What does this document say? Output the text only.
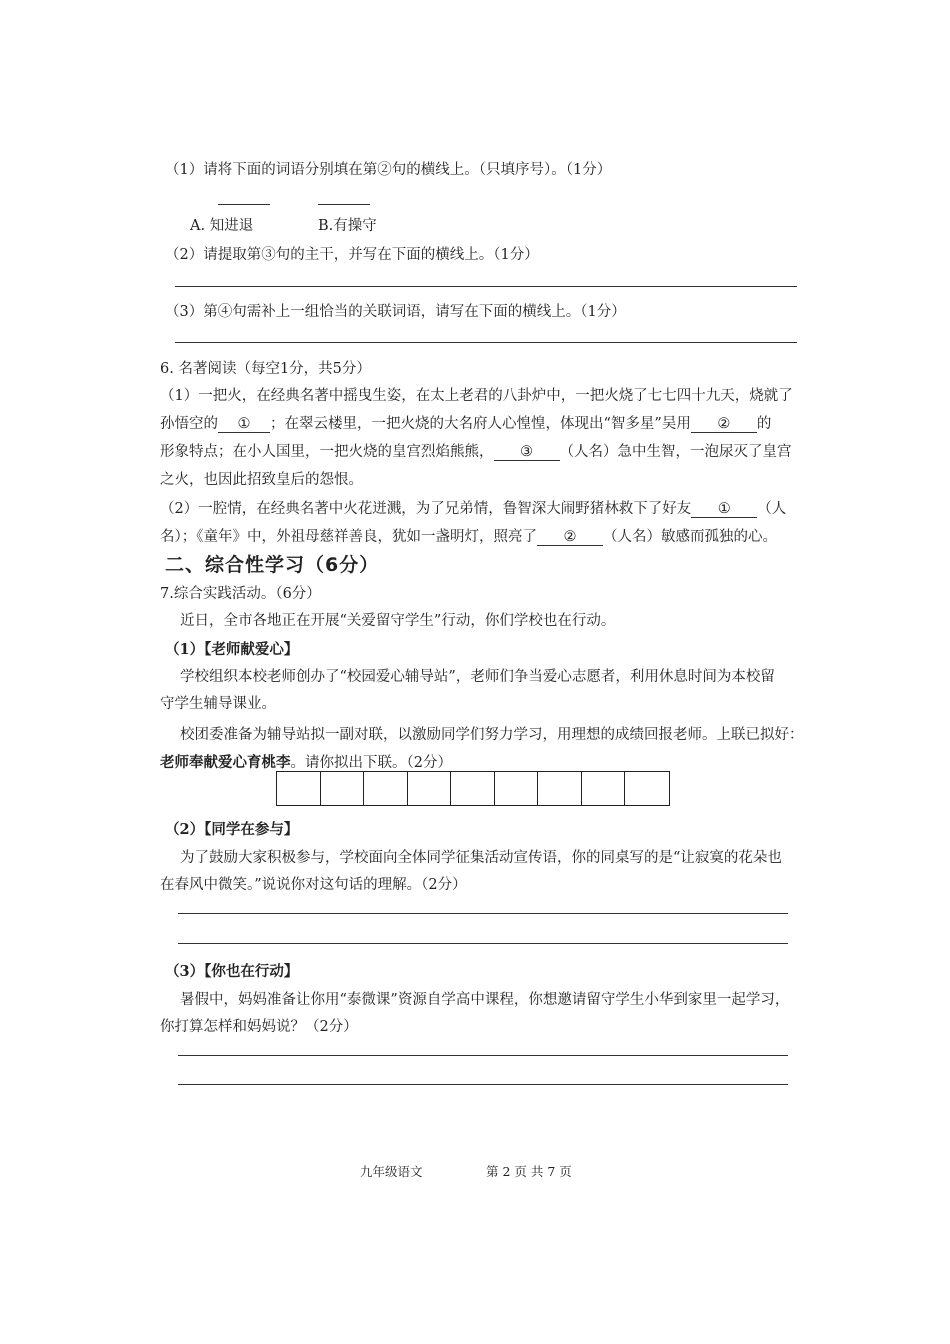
（1）请将下面的词语分别填在第②句的横线上。（只填序号）。（1分）
A. 知进退	B.有操守
（2）请提取第③句的主干，并写在下面的横线上。（1分）
（3）第④句需补上一组恰当的关联词语，请写在下面的横线上。（1分）
6. 名著阅读（每空1分，共5分）
（1）一把火，在经典名著中摇曳生姿，在太上老君的八卦炉中，一把火烧了七七四十九天，烧就了
孙悟空的 ① ；在翠云楼里，一把火烧的大名府人心惶惶，体现出“智多星”吴用 ② 的
形象特点；在小人国里，一把火烧的皇宫烈焰熊熊， ③ （人名）急中生智，一泡尿灭了皇宫
之火，也因此招致皇后的怨恨。
（2）一腔情，在经典名著中火花迸溅，为了兄弟情，鲁智深大闹野猪林救下了好友 ① （人
名）；《童年》中，外祖母慈祥善良，犹如一盏明灯，照亮了 ② （人名）敏感而孤独的心。
二、综合性学习（6分）
7.综合实践活动。（6分）
近日，全市各地正在开展“关爱留守学生”行动，你们学校也在行动。
（1）【老师献爱心】
学校组织本校老师创办了“校园爱心辅导站”，老师们争当爱心志愿者，利用休息时间为本校留
守学生辅导课业。
校团委准备为辅导站拟一副对联，以激励同学们努力学习，用理想的成绩回报老师。上联已拟好：
老师奉献爱心育桃李。请你拟出下联。（2分）
（2）【同学在参与】
为了鼓励大家积极参与，学校面向全体同学征集活动宣传语，你的同桌写的是“让寂寞的花朵也
在春风中微笑。”说说你对这句话的理解。（2分）
（3）【你也在行动】
暑假中，妈妈准备让你用“泰微课”资源自学高中课程，你想邀请留守学生小华到家里一起学习，
你打算怎样和妈妈说？（2分）
九年级语文	第 2 页 共 7 页
